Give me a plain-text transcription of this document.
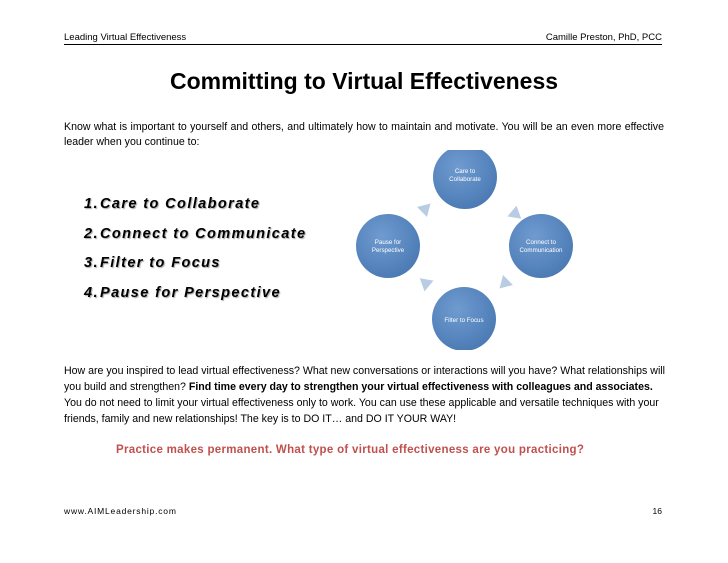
Leading Virtual Effectiveness	Camille Preston, PhD, PCC
Committing to Virtual Effectiveness
Know what is important to yourself and others, and ultimately how to maintain and motivate. You will be an even more effective leader when you continue to:
1.Care to Collaborate
2.Connect to Communicate
3.Filter to Focus
4.Pause for Perspective
Care to
Collaborate
Connect to
Communication
Filter to Focus
Pause for
Perspective
How are you inspired to lead virtual effectiveness? What new conversations or interactions will you have? What relationships will you build and strengthen? Find time every day to strengthen your virtual effectiveness with colleagues and associates. You do not need to limit your virtual effectiveness only to work. You can use these applicable and versatile techniques with your friends, family and new relationships! The key is to DO IT… and DO IT YOUR WAY!
Practice makes permanent. What type of virtual effectiveness are you practicing?
www.AIMLeadership.com	16
